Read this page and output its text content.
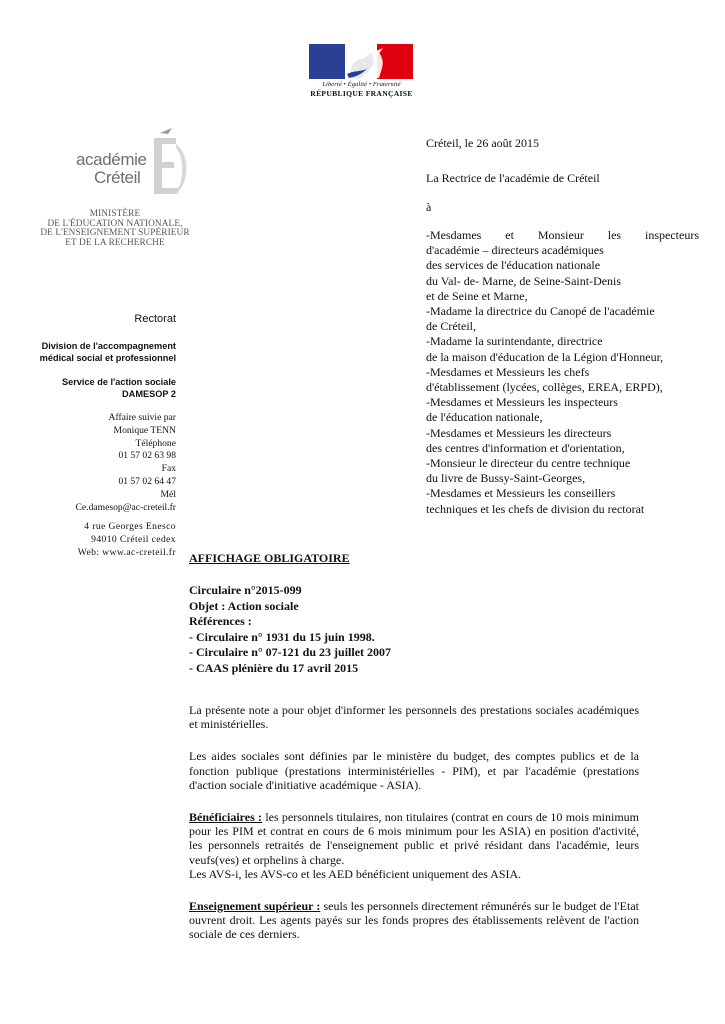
Liberté • Égalité • Fraternité
RÉPUBLIQUE FRANÇAISE
académie
Créteil
MINISTÈRE
DE L'ÉDUCATION NATIONALE,
DE L'ENSEIGNEMENT SUPÉRIEUR
ET DE LA RECHERCHE
Rectorat
Division de l'accompagnement
médical social et professionnel
Service de l'action sociale
DAMESOP 2
Affaire suivie par
Monique TENN
Téléphone
01 57 02 63 98
Fax
01 57 02 64 47
Mél
Ce.damesop@ac-creteil.fr
4 rue Georges Enesco
94010 Créteil cedex
Web: www.ac-creteil.fr
Créteil, le 26 août 2015
La Rectrice de l'académie de Créteil
à
-Mesdames et Monsieur les inspecteurs
d'académie – directeurs académiques
des services de l'éducation nationale
du Val- de- Marne, de Seine-Saint-Denis
et de Seine et Marne,
-Madame la directrice du Canopé de l'académie
de Créteil,
-Madame la surintendante, directrice
de la maison d'éducation de la Légion d'Honneur,
-Mesdames et Messieurs les chefs
d'établissement (lycées, collèges, EREA, ERPD),
-Mesdames et Messieurs les inspecteurs
de l'éducation nationale,
-Mesdames et Messieurs les directeurs
des centres d'information et d'orientation,
-Monsieur le directeur du centre technique
du livre de Bussy-Saint-Georges,
-Mesdames et Messieurs les conseillers
techniques et les chefs de division du rectorat
AFFICHAGE OBLIGATOIRE
Circulaire n°2015-099
Objet : Action sociale
Références :
- Circulaire n° 1931 du 15 juin 1998.
- Circulaire n° 07-121 du 23 juillet 2007
- CAAS plénière du 17 avril 2015

La présente note a pour objet d'informer les personnels des prestations sociales académiques et ministérielles.

Les aides sociales sont définies par le ministère du budget, des comptes publics et de la fonction publique (prestations interministérielles - PIM), et par l'académie (prestations d'action sociale d'initiative académique - ASIA).

Bénéficiaires : les personnels titulaires, non titulaires (contrat en cours de 10 mois minimum pour les PIM et contrat en cours de 6 mois minimum pour les ASIA) en position d'activité, les personnels retraités de l'enseignement public et privé résidant dans l'académie, leurs veufs(ves) et orphelins à charge.
Les AVS-i, les AVS-co et les AED bénéficient uniquement des ASIA.

Enseignement supérieur : seuls les personnels directement rémunérés sur le budget de l'Etat ouvrent droit. Les agents payés sur les fonds propres des établissements relèvent de l'action sociale de ces derniers.
